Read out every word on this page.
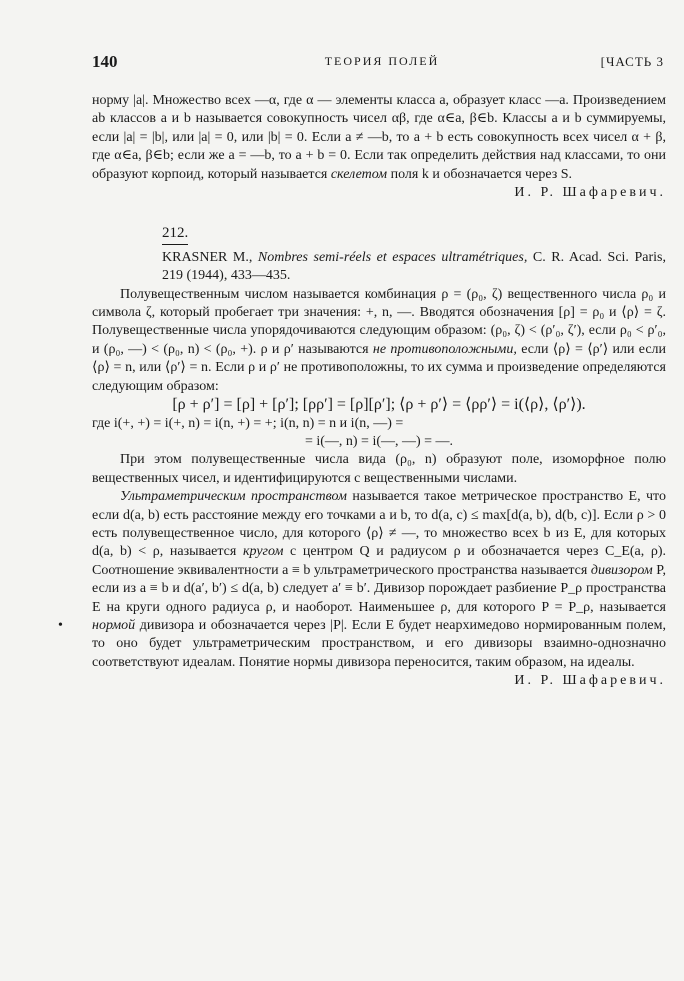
140	ТЕОРИЯ ПОЛЕЙ	[ЧАСТЬ 3
•

норму |a|. Множество всех —α, где α — элементы класса a, образует класс —a. Произведением ab классов a и b называется совокупность чисел αβ, где α∈a, β∈b. Классы a и b суммируемы, если |a| = |b|, или |a| = 0, или |b| = 0. Если a ≠ —b, то a + b есть совокупность всех чисел α + β, где α∈a, β∈b; если же a = —b, то a + b = 0. Если так определить действия над классами, то они образуют корпоид, который называется скелетом поля k и обозначается через S.

И. Р. Шафаревич.

212.

KRASNER M., Nombres semi-réels et espaces ultramétriques, C. R. Acad. Sci. Paris, 219 (1944), 433—435.

Полувещественным числом называется комбинация ρ = (ρ₀, ζ) вещественного числа ρ₀ и символа ζ, который пробегает три значения: +, n, —. Вводятся обозначения [ρ] = ρ₀ и ⟨ρ⟩ = ζ. Полувещественные числа упорядочиваются следующим образом: (ρ₀, ζ) < (ρ′₀, ζ′), если ρ₀ < ρ′₀, и (ρ₀, —) < (ρ₀, n) < (ρ₀, +). ρ и ρ′ называются не противоположными, если ⟨ρ⟩ = ⟨ρ′⟩ или если ⟨ρ⟩ = n, или ⟨ρ′⟩ = n. Если ρ и ρ′ не противоположны, то их сумма и произведение определяются следующим образом:

[ρ + ρ′] = [ρ] + [ρ′]; [ρρ′] = [ρ][ρ′]; ⟨ρ + ρ′⟩ = ⟨ρρ′⟩ = i(⟨ρ⟩, ⟨ρ′⟩).

где i(+, +) = i(+, n) = i(n, +) = +; i(n, n) = n и i(n, —) =

= i(—, n) = i(—, —) = —.

При этом полувещественные числа вида (ρ₀, n) образуют поле, изоморфное полю вещественных чисел, и идентифицируются с вещественными числами.

Ультраметрическим пространством называется такое метрическое пространство E, что если d(a, b) есть расстояние между его точками a и b, то d(a, c) ≤ max[d(a, b), d(b, c)]. Если ρ > 0 есть полувещественное число, для которого ⟨ρ⟩ ≠ —, то множество всех b из E, для которых d(a, b) < ρ, называется кругом с центром Q и радиусом ρ и обозначается через C_E(a, ρ). Соотношение эквивалентности a ≡ b ультраметрического пространства называется дивизором P, если из a ≡ b и d(a′, b′) ≤ d(a, b) следует a′ ≡ b′. Дивизор порождает разбиение P_ρ пространства E на круги одного радиуса ρ, и наоборот. Наименьшее ρ, для которого P = P_ρ, называется нормой дивизора и обозначается через |P|. Если E будет неархимедово нормированным полем, то оно будет ультраметрическим пространством, и его дивизоры взаимно-однозначно соответствуют идеалам. Понятие нормы дивизора переносится, таким образом, на идеалы.

И. Р. Шафаревич.
